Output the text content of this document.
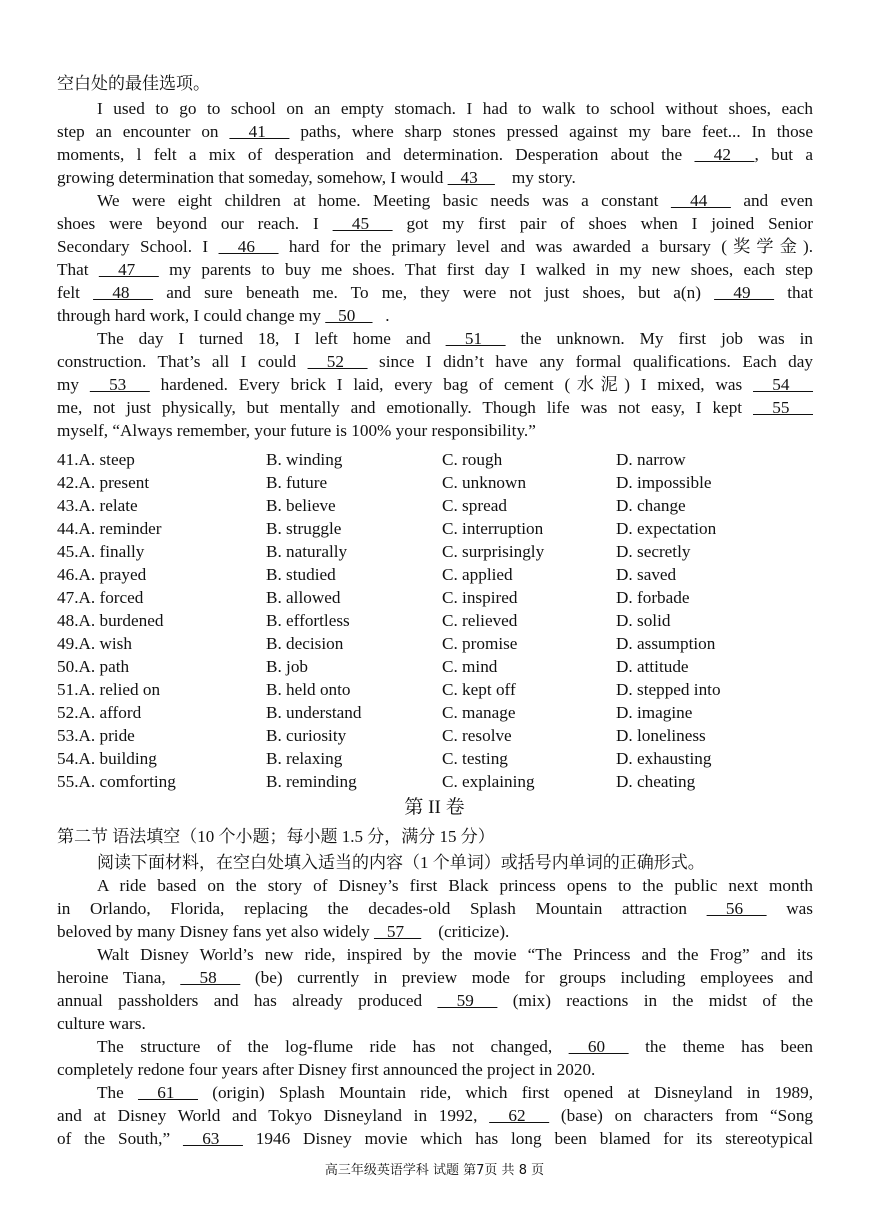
空白处的最佳选项。
I used to go to school on an empty stomach. I had to walk to school without shoes, each
step an encounter on    41     paths, where sharp stones pressed against my bare feet... In those
moments, l felt a mix of desperation and determination. Desperation about the    42    , but a
growing determination that someday, somehow, I would    43     my story.
We were eight children at home. Meeting basic needs was a constant    44     and even
shoes were beyond our reach. I    45     got my first pair of shoes when I joined Senior
Secondary School. I    46     hard for the primary level and was awarded a bursary (奖学金).
That    47     my parents to buy me shoes. That first day I walked in my new shoes, each step
felt    48     and sure beneath me. To me, they were not just shoes, but a(n)    49     that
through hard work, I could change my    50    .
The day I turned 18, I left home and    51     the unknown. My first job was in
construction. That’s all I could    52     since I didn’t have any formal qualifications. Each day
my    53     hardened. Every brick I laid, every bag of cement (水泥) I mixed, was    54
me, not just physically, but mentally and emotionally. Though life was not easy, I kept    55
myself, “Always remember, your future is 100% your responsibility.”
41.A. steep	B. winding	C. rough	D. narrow
42.A. present	B. future	C. unknown	D. impossible
43.A. relate	B. believe	C. spread	D. change
44.A. reminder	B. struggle	C. interruption	D. expectation
45.A. finally	B. naturally	C. surprisingly	D. secretly
46.A. prayed	B. studied	C. applied	D. saved
47.A. forced	B. allowed	C. inspired	D. forbade
48.A. burdened	B. effortless	C. relieved	D. solid
49.A. wish	B. decision	C. promise	D. assumption
50.A. path	B. job	C. mind	D. attitude
51.A. relied on	B. held onto	C. kept off	D. stepped into
52.A. afford	B. understand	C. manage	D. imagine
53.A. pride	B. curiosity	C. resolve	D. loneliness
54.A. building	B. relaxing	C. testing	D. exhausting
55.A. comforting	B. reminding	C. explaining	D. cheating
第 II 卷
第二节 语法填空（10 个小题；每小题 1.5 分，满分 15 分）
阅读下面材料，在空白处填入适当的内容（1 个单词）或括号内单词的正确形式。
A ride based on the story of Disney’s first Black princess opens to the public next month
in Orlando, Florida, replacing the decades-old Splash Mountain attraction    56     was
beloved by many Disney fans yet also widely    57     (criticize).
Walt Disney World’s new ride, inspired by the movie “The Princess and the Frog” and its
heroine Tiana,    58     (be) currently in preview mode for groups including employees and
annual passholders and has already produced    59     (mix) reactions in the midst of the
culture wars.
The structure of the log-flume ride has not changed,    60     the theme has been
completely redone four years after Disney first announced the project in 2020.
The    61     (origin) Splash Mountain ride, which first opened at Disneyland in 1989,
and at Disney World and Tokyo Disneyland in 1992,    62     (base) on characters from “Song
of the South,”    63     1946 Disney movie which has long been blamed for its stereotypical
高三年级英语学科 试题 第7页 共 8 页
